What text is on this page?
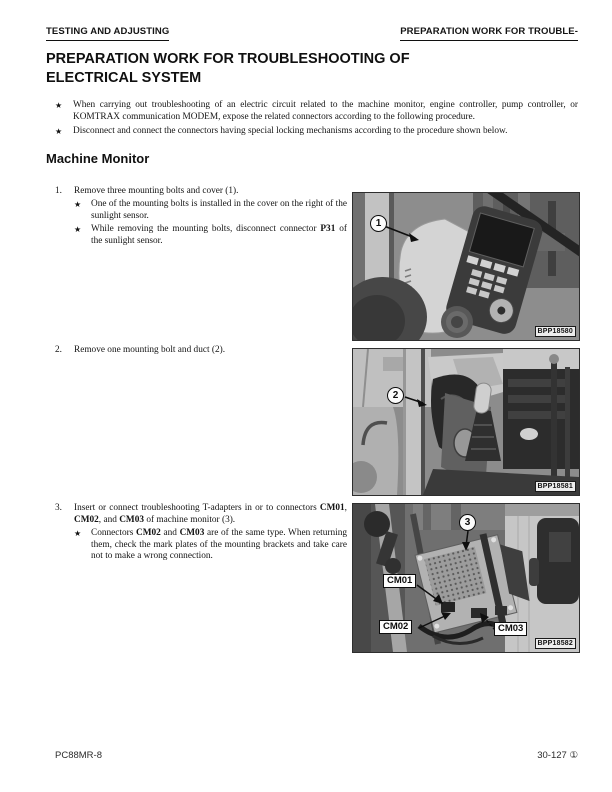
TESTING AND ADJUSTING	PREPARATION WORK FOR TROUBLE-
PREPARATION WORK FOR TROUBLESHOOTING OF ELECTRICAL SYSTEM
★	When carrying out troubleshooting of an electric circuit related to the machine monitor, engine controller, pump controller, or KOMTRAX communication MODEM, expose the related connectors according to the following procedure.
★	Disconnect and connect the connectors having special locking mechanisms according to the procedure shown below.
Machine Monitor
1.	Remove three mounting bolts and cover (1).
★	One of the mounting bolts is installed in the cover on the right of the sunlight sensor.
★	While removing the mounting bolts, disconnect connector P31 of the sunlight sensor.
2.	Remove one mounting bolt and duct (2).
3.	Insert or connect troubleshooting T-adapters in or to connectors CM01, CM02, and CM03 of machine monitor (3).
★	Connectors CM02 and CM03 are of the same type. When returning them, check the mark plates of the mounting brackets and take care not to make a wrong connection.
1
BPP18580
2
BPP18581
3
CM01
CM02	CM03
BPP18582
PC88MR-8	30-127 ①
